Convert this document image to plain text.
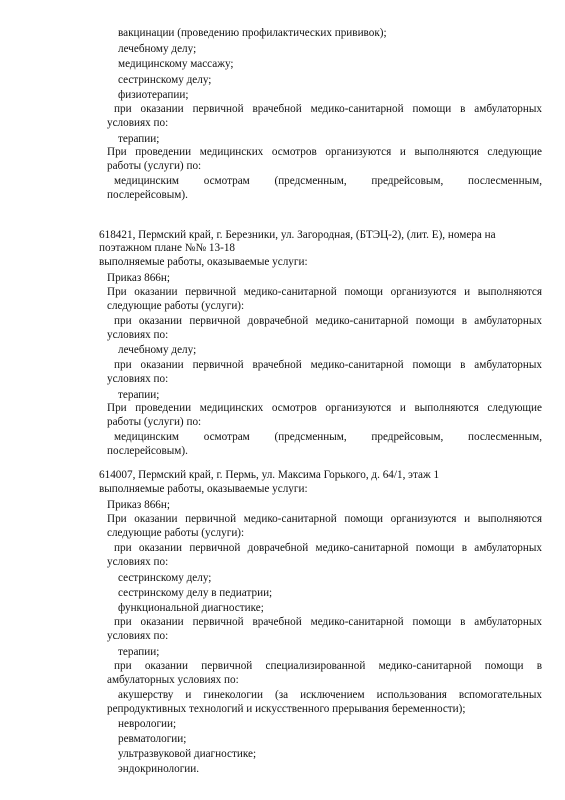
вакцинации (проведению профилактических прививок);
лечебному делу;
медицинскому массажу;
сестринскому делу;
физиотерапии;
при оказании первичной врачебной медико-санитарной помощи в амбулаторных
условиях по:
терапии;
При проведении медицинских осмотров организуются и выполняются следующие
работы (услуги) по:
медицинским осмотрам (предсменным, предрейсовым, послесменным,
послерейсовым).
618421, Пермский край, г. Березники, ул. Загородная, (БТЭЦ-2), (лит. Е), номера на
поэтажном плане №№ 13-18
выполняемые работы, оказываемые услуги:
Приказ 866н;
При оказании первичной медико-санитарной помощи организуются и выполняются
следующие работы (услуги):
при оказании первичной доврачебной медико-санитарной помощи в амбулаторных
условиях по:
лечебному делу;
при оказании первичной врачебной медико-санитарной помощи в амбулаторных
условиях по:
терапии;
При проведении медицинских осмотров организуются и выполняются следующие
работы (услуги) по:
медицинским осмотрам (предсменным, предрейсовым, послесменным,
послерейсовым).
614007, Пермский край, г. Пермь, ул. Максима Горького, д. 64/1, этаж 1
выполняемые работы, оказываемые услуги:
Приказ 866н;
При оказании первичной медико-санитарной помощи организуются и выполняются
следующие работы (услуги):
при оказании первичной доврачебной медико-санитарной помощи в амбулаторных
условиях по:
сестринскому делу;
сестринскому делу в педиатрии;
функциональной диагностике;
при оказании первичной врачебной медико-санитарной помощи в амбулаторных
условиях по:
терапии;
при оказании первичной специализированной медико-санитарной помощи в
амбулаторных условиях по:
акушерству и гинекологии (за исключением использования вспомогательных
репродуктивных технологий и искусственного прерывания беременности);
неврологии;
ревматологии;
ультразвуковой диагностике;
эндокринологии.
